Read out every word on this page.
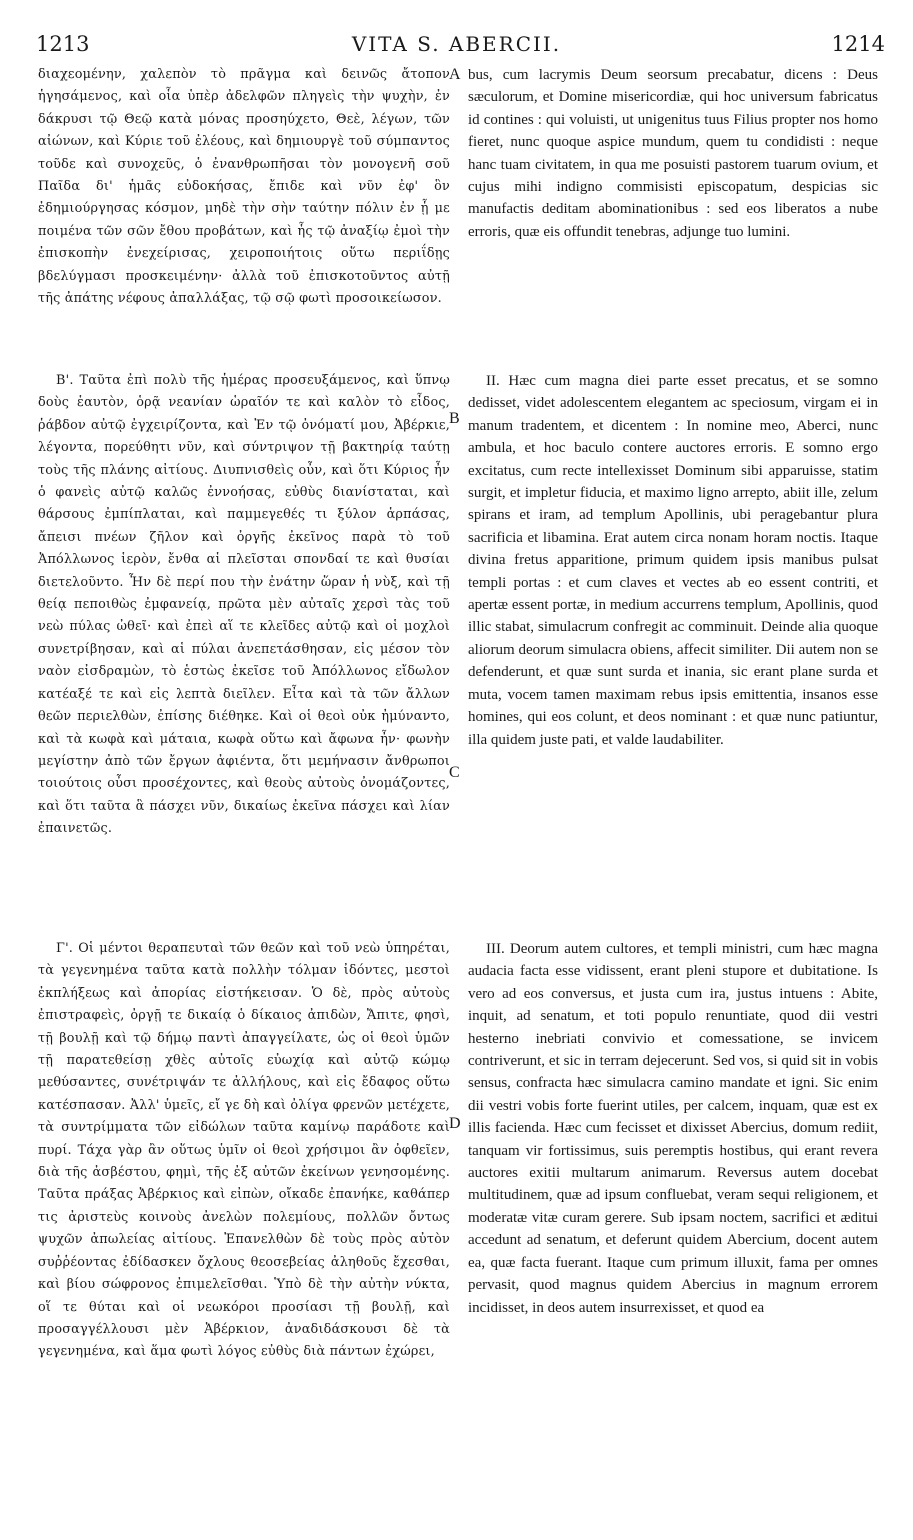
1213	VITA S. ABERCII.	1214

διαχεομένην, χαλεπὸν τὸ πρᾶγμα καὶ δεινῶς ἄτοπον ἡγησάμενος, καὶ οἷα ὑπὲρ ἀδελφῶν πληγεὶς τὴν ψυχὴν, ἐν δάκρυσι τῷ Θεῷ κατὰ μόνας προσηύχετο, Θεὲ, λέγων, τῶν αἰώνων, καὶ Κύριε τοῦ ἐλέους, καὶ δημιουργὲ τοῦ σύμπαντος τοῦδε καὶ συνοχεῦς, ὁ ἐνανθρωπῆσαι τὸν μονογενῆ σοῦ Παῖδα δι' ἡμᾶς εὐδοκήσας, ἔπιδε καὶ νῦν ἐφ' ὃν ἐδημιούργησας κόσμον, μηδὲ τὴν σὴν ταύτην πόλιν ἐν ᾗ με ποιμένα τῶν σῶν ἔθου προβάτων, καὶ ἧς τῷ ἀναξίῳ ἐμοὶ τὴν ἐπισκοπὴν ἐνεχείρισας, χειροποιήτοις οὕτω περιΐδῃς βδελύγμασι προσκειμένην· ἀλλὰ τοῦ ἐπισκοτοῦντος αὐτῇ τῆς ἀπάτης νέφους ἀπαλλάξας, τῷ σῷ φωτὶ προσοικείωσον.

Β'. Ταῦτα ἐπὶ πολὺ τῆς ἡμέρας προσευξάμενος, καὶ ὕπνῳ δοὺς ἑαυτὸν, ὁρᾷ νεανίαν ὡραῖόν τε καὶ καλὸν τὸ εἶδος, ῥάβδον αὐτῷ ἐγχειρίζοντα, καὶ Ἐν τῷ ὀνόματί μου, Ἀβέρκιε, λέγοντα, πορεύθητι νῦν, καὶ σύντριψον τῇ βακτηρίᾳ ταύτῃ τοὺς τῆς πλάνης αἰτίους. Διυπνισθεὶς οὖν, καὶ ὅτι Κύριος ἦν ὁ φανεὶς αὐτῷ καλῶς ἐννοήσας, εὐθὺς διανίσταται, καὶ θάρσους ἐμπίπλαται, καὶ παμμεγεθές τι ξύλον ἁρπάσας, ἄπεισι πνέων ζῆλον καὶ ὀργῆς ἐκεῖνος παρὰ τὸ τοῦ Ἀπόλλωνος ἱερὸν, ἔνθα αἱ πλεῖσται σπονδαί τε καὶ θυσίαι διετελοῦντο. Ἦν δὲ περί που τὴν ἐνάτην ὥραν ἡ νὺξ, καὶ τῇ θείᾳ πεποιθὼς ἐμφανείᾳ, πρῶτα μὲν αὐταῖς χερσὶ τὰς τοῦ νεὼ πύλας ὠθεῖ· καὶ ἐπεὶ αἵ τε κλεῖδες αὐτῷ καὶ οἱ μοχλοὶ συνετρίβησαν, καὶ αἱ πύλαι ἀνεπετάσθησαν, εἰς μέσον τὸν ναὸν εἰσδραμὼν, τὸ ἑστὼς ἐκεῖσε τοῦ Ἀπόλλωνος εἴδωλον κατέαξέ τε καὶ εἰς λεπτὰ διεῖλεν. Εἶτα καὶ τὰ τῶν ἄλλων θεῶν περιελθὼν, ἐπίσης διέθηκε. Καὶ οἱ θεοὶ οὐκ ἠμύναντο, καὶ τὰ κωφὰ καὶ μάταια, κωφὰ οὕτω καὶ ἄφωνα ἦν· φωνὴν μεγίστην ἀπὸ τῶν ἔργων ἀφιέντα, ὅτι μεμήνασιν ἄνθρωποι τοιούτοις οὖσι προσέχοντες, καὶ θεοὺς αὐτοὺς ὀνομάζοντες, καὶ ὅτι ταῦτα ἃ πάσχει νῦν, δικαίως ἐκεῖνα πάσχει καὶ λίαν ἐπαινετῶς.

Γ'. Οἱ μέντοι θεραπευταὶ τῶν θεῶν καὶ τοῦ νεὼ ὑπηρέται, τὰ γεγενημένα ταῦτα κατὰ πολλὴν τόλμαν ἰδόντες, μεστοὶ ἐκπλήξεως καὶ ἀπορίας εἱστήκεισαν. Ὁ δὲ, πρὸς αὐτοὺς ἐπιστραφεὶς, ὀργῇ τε δικαίᾳ ὁ δίκαιος ἀπιδὼν, Ἄπιτε, φησὶ, τῇ βουλῇ καὶ τῷ δήμῳ παντὶ ἀπαγγείλατε, ὡς οἱ θεοὶ ὑμῶν τῇ παρατεθείσῃ χθὲς αὐτοῖς εὐωχίᾳ καὶ αὐτῷ κώμῳ μεθύσαντες, συνέτριψάν τε ἀλλήλους, καὶ εἰς ἔδαφος οὕτω κατέσπασαν. Ἀλλ' ὑμεῖς, εἴ γε δὴ καὶ ὀλίγα φρενῶν μετέχετε, τὰ συντρίμματα τῶν εἰδώλων ταῦτα καμίνῳ παράδοτε καὶ πυρί. Τάχα γὰρ ἂν οὕτως ὑμῖν οἱ θεοὶ χρήσιμοι ἂν ὀφθεῖεν, διὰ τῆς ἀσβέστου, φημὶ, τῆς ἐξ αὐτῶν ἐκείνων γενησομένης. Ταῦτα πράξας Ἀβέρκιος καὶ εἰπὼν, οἴκαδε ἐπανήκε, καθάπερ τις ἀριστεὺς κοινοὺς ἀνελὼν πολεμίους, πολλῶν ὄντως ψυχῶν ἀπωλείας αἰτίους. Ἐπανελθὼν δὲ τοὺς πρὸς αὐτὸν συῤῥέοντας ἐδίδασκεν ὄχλους θεοσεβείας ἀληθοῦς ἔχεσθαι, καὶ βίου σώφρονος ἐπιμελεῖσθαι. Ὑπὸ δὲ τὴν αὐτὴν νύκτα, οἵ τε θύται καὶ οἱ νεωκόροι προσίασι τῇ βουλῇ, καὶ προσαγγέλλουσι μὲν Ἀβέρκιον, ἀναδιδάσκουσι δὲ τὰ γεγενημένα, καὶ ἅμα φωτὶ λόγος εὐθὺς διὰ πάντων ἐχώρει,

A
B
C
D

bus, cum lacrymis Deum seorsum precabatur, dicens : Deus sæculorum, et Domine misericordiæ, qui hoc universum fabricatus id contines : qui voluisti, ut unigenitus tuus Filius propter nos homo fieret, nunc quoque aspice mundum, quem tu condidisti : neque hanc tuam civitatem, in qua me posuisti pastorem tuarum ovium, et cujus mihi indigno commisisti episcopatum, despicias sic manufactis deditam abominationibus : sed eos liberatos a nube erroris, quæ eis offundit tenebras, adjunge tuo lumini.

II. Hæc cum magna diei parte esset precatus, et se somno dedisset, videt adolescentem elegantem ac speciosum, virgam ei in manum tradentem, et dicentem : In nomine meo, Aberci, nunc ambula, et hoc baculo contere auctores erroris. E somno ergo excitatus, cum recte intellexisset Dominum sibi apparuisse, statim surgit, et impletur fiducia, et maximo ligno arrepto, abiit ille, zelum spirans et iram, ad templum Apollinis, ubi peragebantur plura sacrificia et libamina. Erat autem circa nonam horam noctis. Itaque divina fretus apparitione, primum quidem ipsis manibus pulsat templi portas : et cum claves et vectes ab eo essent contriti, et apertæ essent portæ, in medium accurrens templum, Apollinis, quod illic stabat, simulacrum confregit ac comminuit. Deinde alia quoque aliorum deorum simulacra obiens, affecit similiter. Dii autem non se defenderunt, et quæ sunt surda et inania, sic erant plane surda et muta, vocem tamen maximam rebus ipsis emittentia, insanos esse homines, qui eos colunt, et deos nominant : et quæ nunc patiuntur, illa quidem juste pati, et valde laudabiliter.

III. Deorum autem cultores, et templi ministri, cum hæc magna audacia facta esse vidissent, erant pleni stupore et dubitatione. Is vero ad eos conversus, et justa cum ira, justus intuens : Abite, inquit, ad senatum, et toti populo renuntiate, quod dii vestri hesterno inebriati convivio et comessatione, se invicem contriverunt, et sic in terram dejecerunt. Sed vos, si quid sit in vobis sensus, confracta hæc simulacra camino mandate et igni. Sic enim dii vestri vobis forte fuerint utiles, per calcem, inquam, quæ est ex illis facienda. Hæc cum fecisset et dixisset Abercius, domum rediit, tanquam vir fortissimus, suis peremptis hostibus, qui erant revera auctores exitii multarum animarum. Reversus autem docebat multitudinem, quæ ad ipsum confluebat, veram sequi religionem, et moderatæ vitæ curam gerere. Sub ipsam noctem, sacrifici et æditui accedunt ad senatum, et deferunt quidem Abercium, docent autem ea, quæ facta fuerant. Itaque cum primum illuxit, fama per omnes pervasit, quod magnus quidem Abercius in magnum errorem incidisset, in deos autem insurrexisset, et quod ea
